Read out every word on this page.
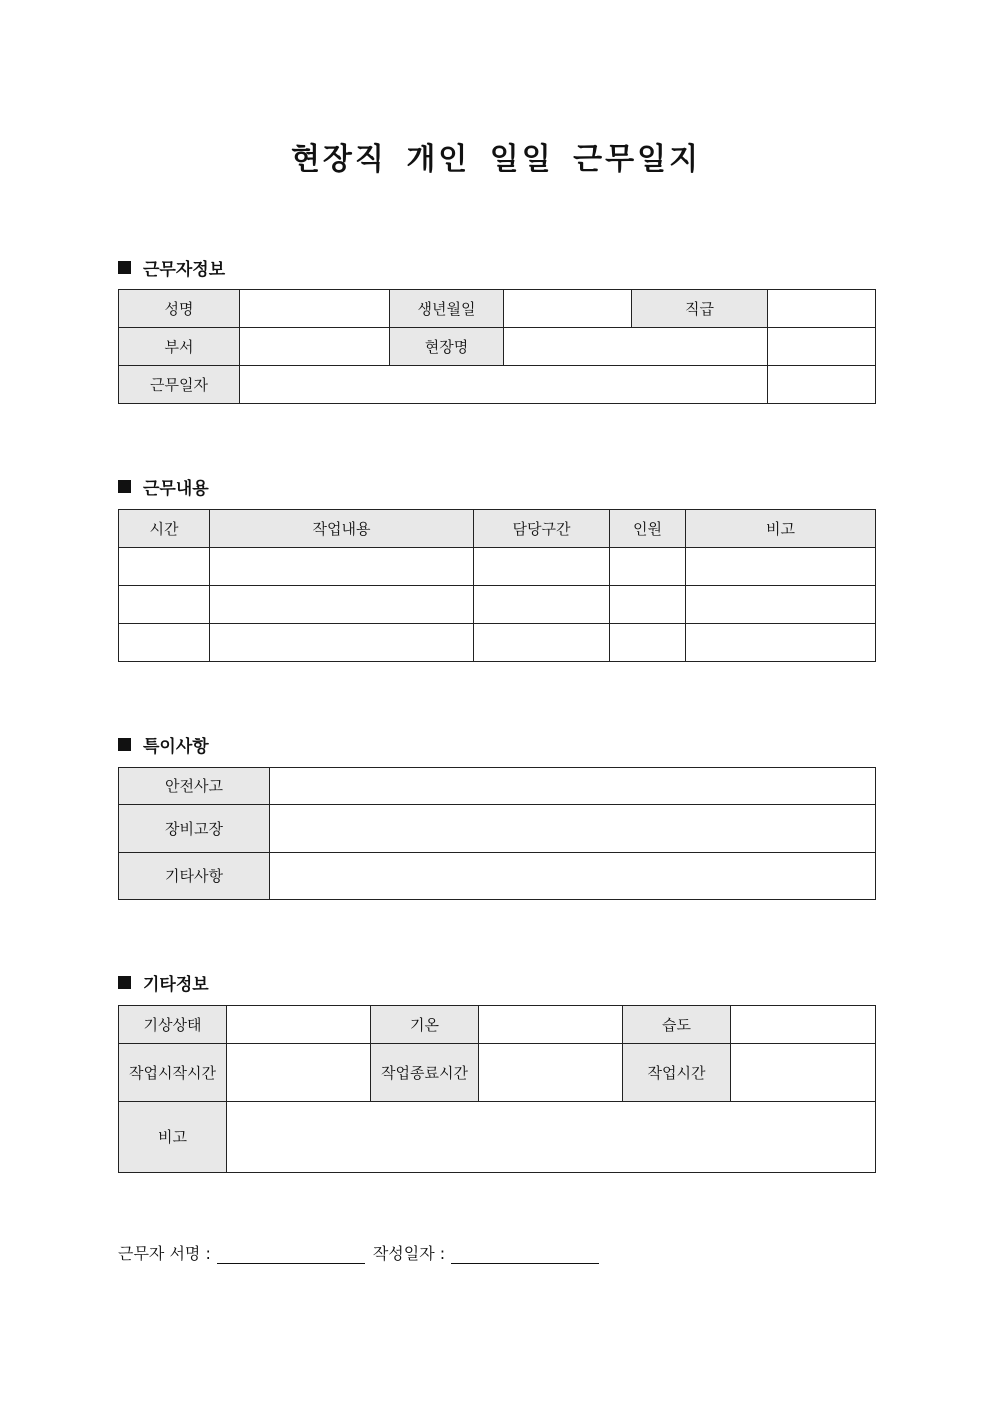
현장직 개인 일일 근무일지
근무자정보
성명		생년월일		직급	
부서		현장명			
근무일자					
근무내용
시간	작업내용	담당구간	인원	비고

특이사항
안전사고	
장비고장	
기타사항	
기타정보
기상상태		기온		습도	
작업시작시간		작업종료시간		작업시간	
비고					
근무자 서명 :	작성일자 :
